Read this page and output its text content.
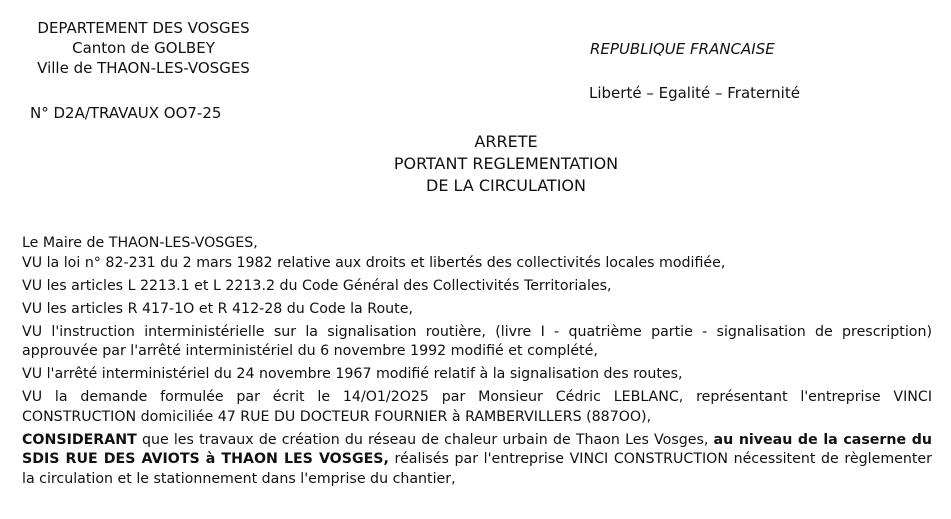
DEPARTEMENT DES VOSGES
Canton de GOLBEY
Ville de THAON-LES-VOSGES
N° D2A/TRAVAUX OO7-25
REPUBLIQUE FRANCAISE
Liberté – Egalité – Fraternité
ARRETE
PORTANT REGLEMENTATION
DE LA CIRCULATION

Le Maire de THAON-LES-VOSGES,

VU la loi n° 82-231 du 2 mars 1982 relative aux droits et libertés des collectivités locales modifiée,

VU les articles L 2213.1 et L 2213.2 du Code Général des Collectivités Territoriales,

VU les articles R 417-1O et R 412-28 du Code la Route,

VU l'instruction interministérielle sur la signalisation routière, (livre I - quatrième partie - signalisation de prescription) approuvée par l'arrêté interministériel du 6 novembre 1992 modifié et complété,

VU l'arrêté interministériel du 24 novembre 1967 modifié relatif à la signalisation des routes,

VU la demande formulée par écrit le 14/O1/2O25 par Monsieur Cédric LEBLANC, représentant l'entreprise VINCI CONSTRUCTION domiciliée 47 RUE DU DOCTEUR FOURNIER à RAMBERVILLERS (887OO),

CONSIDERANT que les travaux de création du réseau de chaleur urbain de Thaon Les Vosges, au niveau de la caserne du SDIS RUE DES AVIOTS à THAON LES VOSGES, réalisés par l'entreprise VINCI CONSTRUCTION nécessitent de règlementer la circulation et le stationnement dans l'emprise du chantier,
